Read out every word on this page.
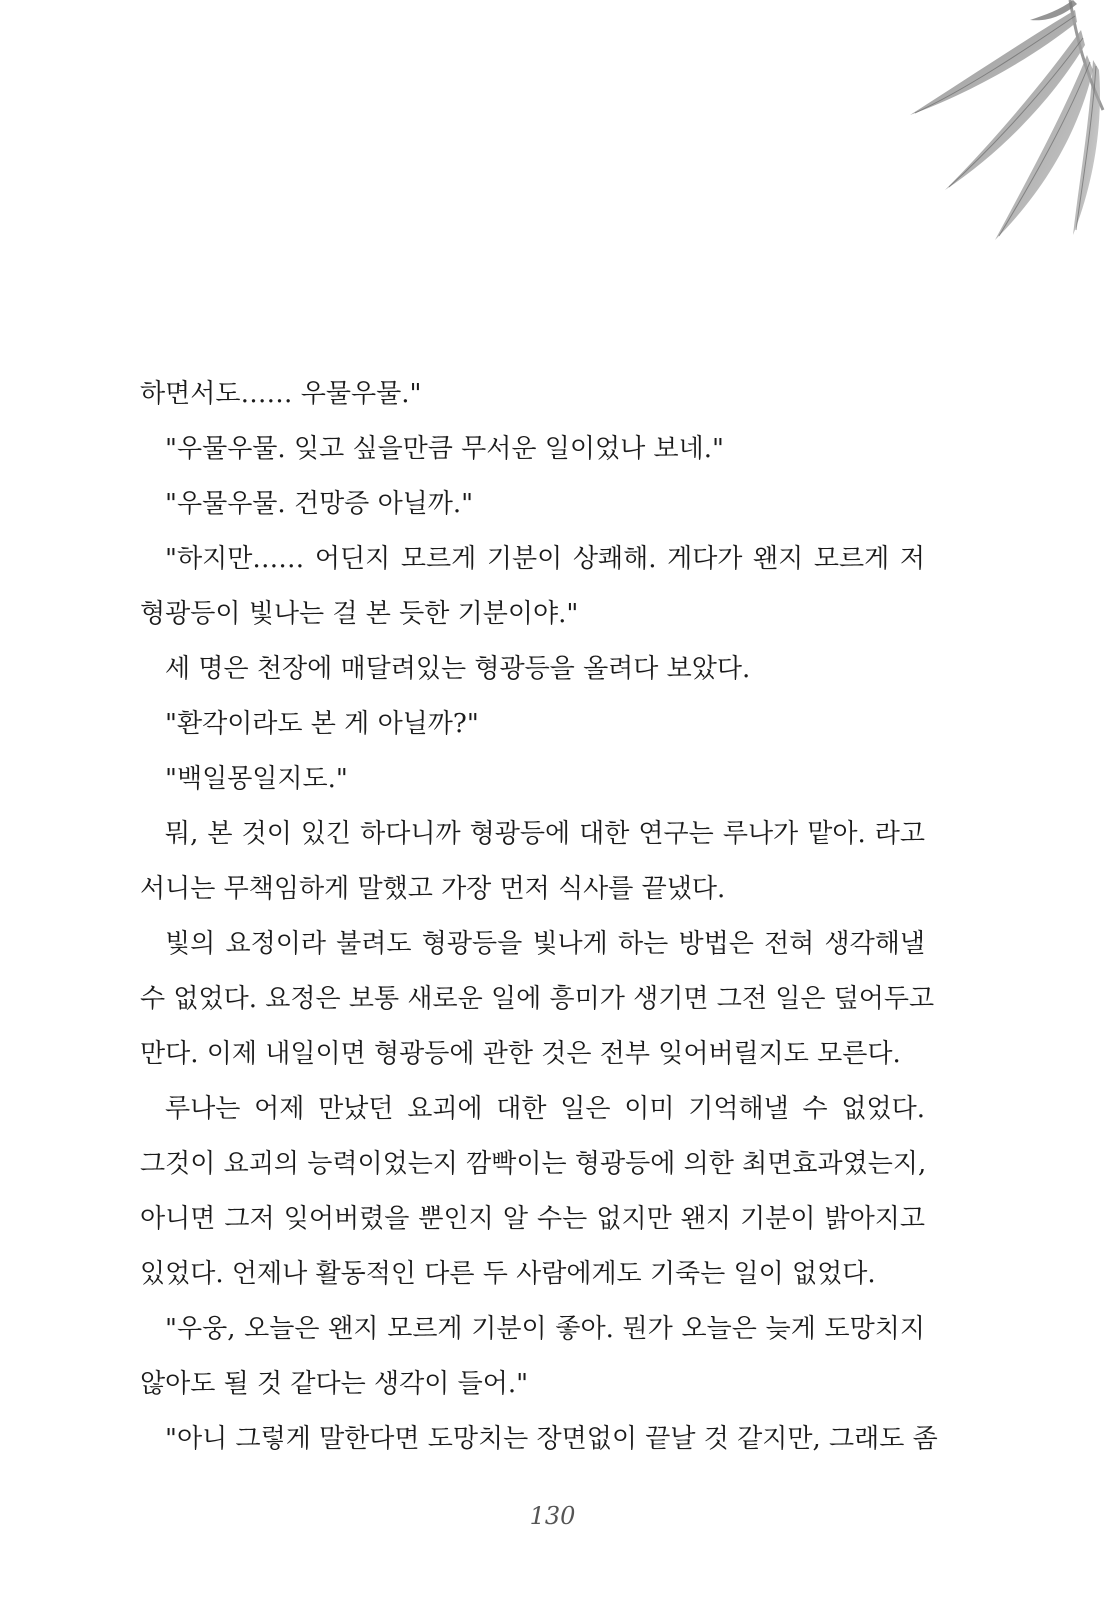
하면서도…… 우물우물."
"우물우물. 잊고 싶을만큼 무서운 일이었나 보네."
"우물우물. 건망증 아닐까."
"하지만…… 어딘지 모르게 기분이 상쾌해. 게다가 왠지 모르게 저
형광등이 빛나는 걸 본 듯한 기분이야."
세 명은 천장에 매달려있는 형광등을 올려다 보았다.
"환각이라도 본 게 아닐까?"
"백일몽일지도."
뭐, 본 것이 있긴 하다니까 형광등에 대한 연구는 루나가 맡아. 라고
서니는 무책임하게 말했고 가장 먼저 식사를 끝냈다.
빛의 요정이라 불려도 형광등을 빛나게 하는 방법은 전혀 생각해낼
수 없었다. 요정은 보통 새로운 일에 흥미가 생기면 그전 일은 덮어두고
만다. 이제 내일이면 형광등에 관한 것은 전부 잊어버릴지도 모른다.
루나는 어제 만났던 요괴에 대한 일은 이미 기억해낼 수 없었다.
그것이 요괴의 능력이었는지 깜빡이는 형광등에 의한 최면효과였는지,
아니면 그저 잊어버렸을 뿐인지 알 수는 없지만 왠지 기분이 밝아지고
있었다. 언제나 활동적인 다른 두 사람에게도 기죽는 일이 없었다.
"우웅, 오늘은 왠지 모르게 기분이 좋아. 뭔가 오늘은 늦게 도망치지
않아도 될 것 같다는 생각이 들어."
"아니 그렇게 말한다면 도망치는 장면없이 끝날 것 같지만, 그래도 좀
130
